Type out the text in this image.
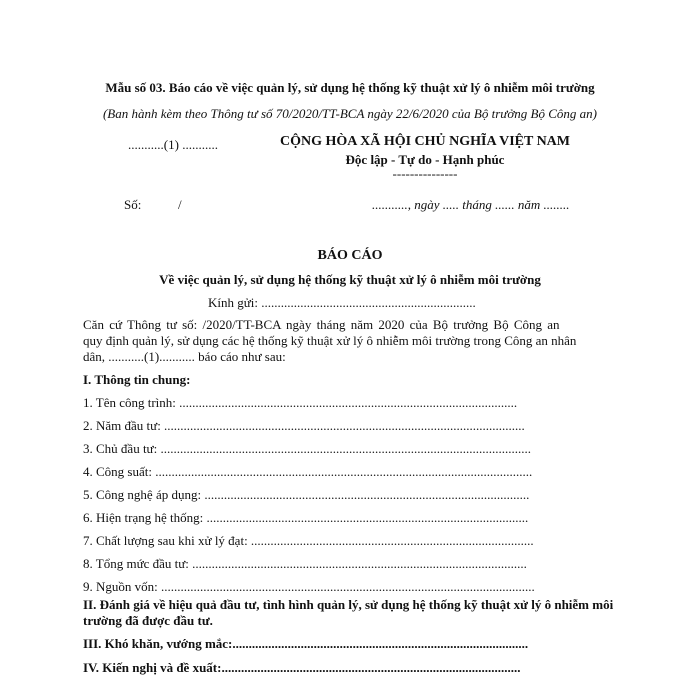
Mẫu số 03. Báo cáo về việc quản lý, sử dụng hệ thống kỹ thuật xử lý ô nhiễm môi trường
(Ban hành kèm theo Thông tư số 70/2020/TT-BCA ngày 22/6/2020 của Bộ trưởng Bộ Công an)
...........(1) ...........	CỘNG HÒA XÃ HỘI CHỦ NGHĨA VIỆT NAM
Độc lập - Tự do - Hạnh phúc
---------------
Số:	/	..........., ngày ..... tháng ...... năm ........
BÁO CÁO
Về việc quản lý, sử dụng hệ thống kỹ thuật xử lý ô nhiễm môi trường
Kính gửi: ..................................................................
Căn cứ Thông tư số: /2020/TT-BCA ngày tháng năm 2020 của Bộ trưởng Bộ Công an
quy định quản lý, sử dụng các hệ thống kỹ thuật xử lý ô nhiễm môi trường trong Công an nhân
dân, ...........(1)........... báo cáo như sau:
I. Thông tin chung:
1. Tên công trình: ........................................................................................................
2. Năm đầu tư: ...............................................................................................................
3. Chủ đầu tư: ..................................................................................................................
4. Công suất: ....................................................................................................................
5. Công nghệ áp dụng: ....................................................................................................
6. Hiện trạng hệ thống: ...................................................................................................
7. Chất lượng sau khi xử lý đạt: .......................................................................................
8. Tổng mức đầu tư: .......................................................................................................
9. Nguồn vốn: ...................................................................................................................
II. Đánh giá về hiệu quả đầu tư, tình hình quản lý, sử dụng hệ thống kỹ thuật xử lý ô nhiễm môi trường đã được đầu tư.
III. Khó khăn, vướng mắc:...........................................................................................
IV. Kiến nghị và đề xuất:............................................................................................
